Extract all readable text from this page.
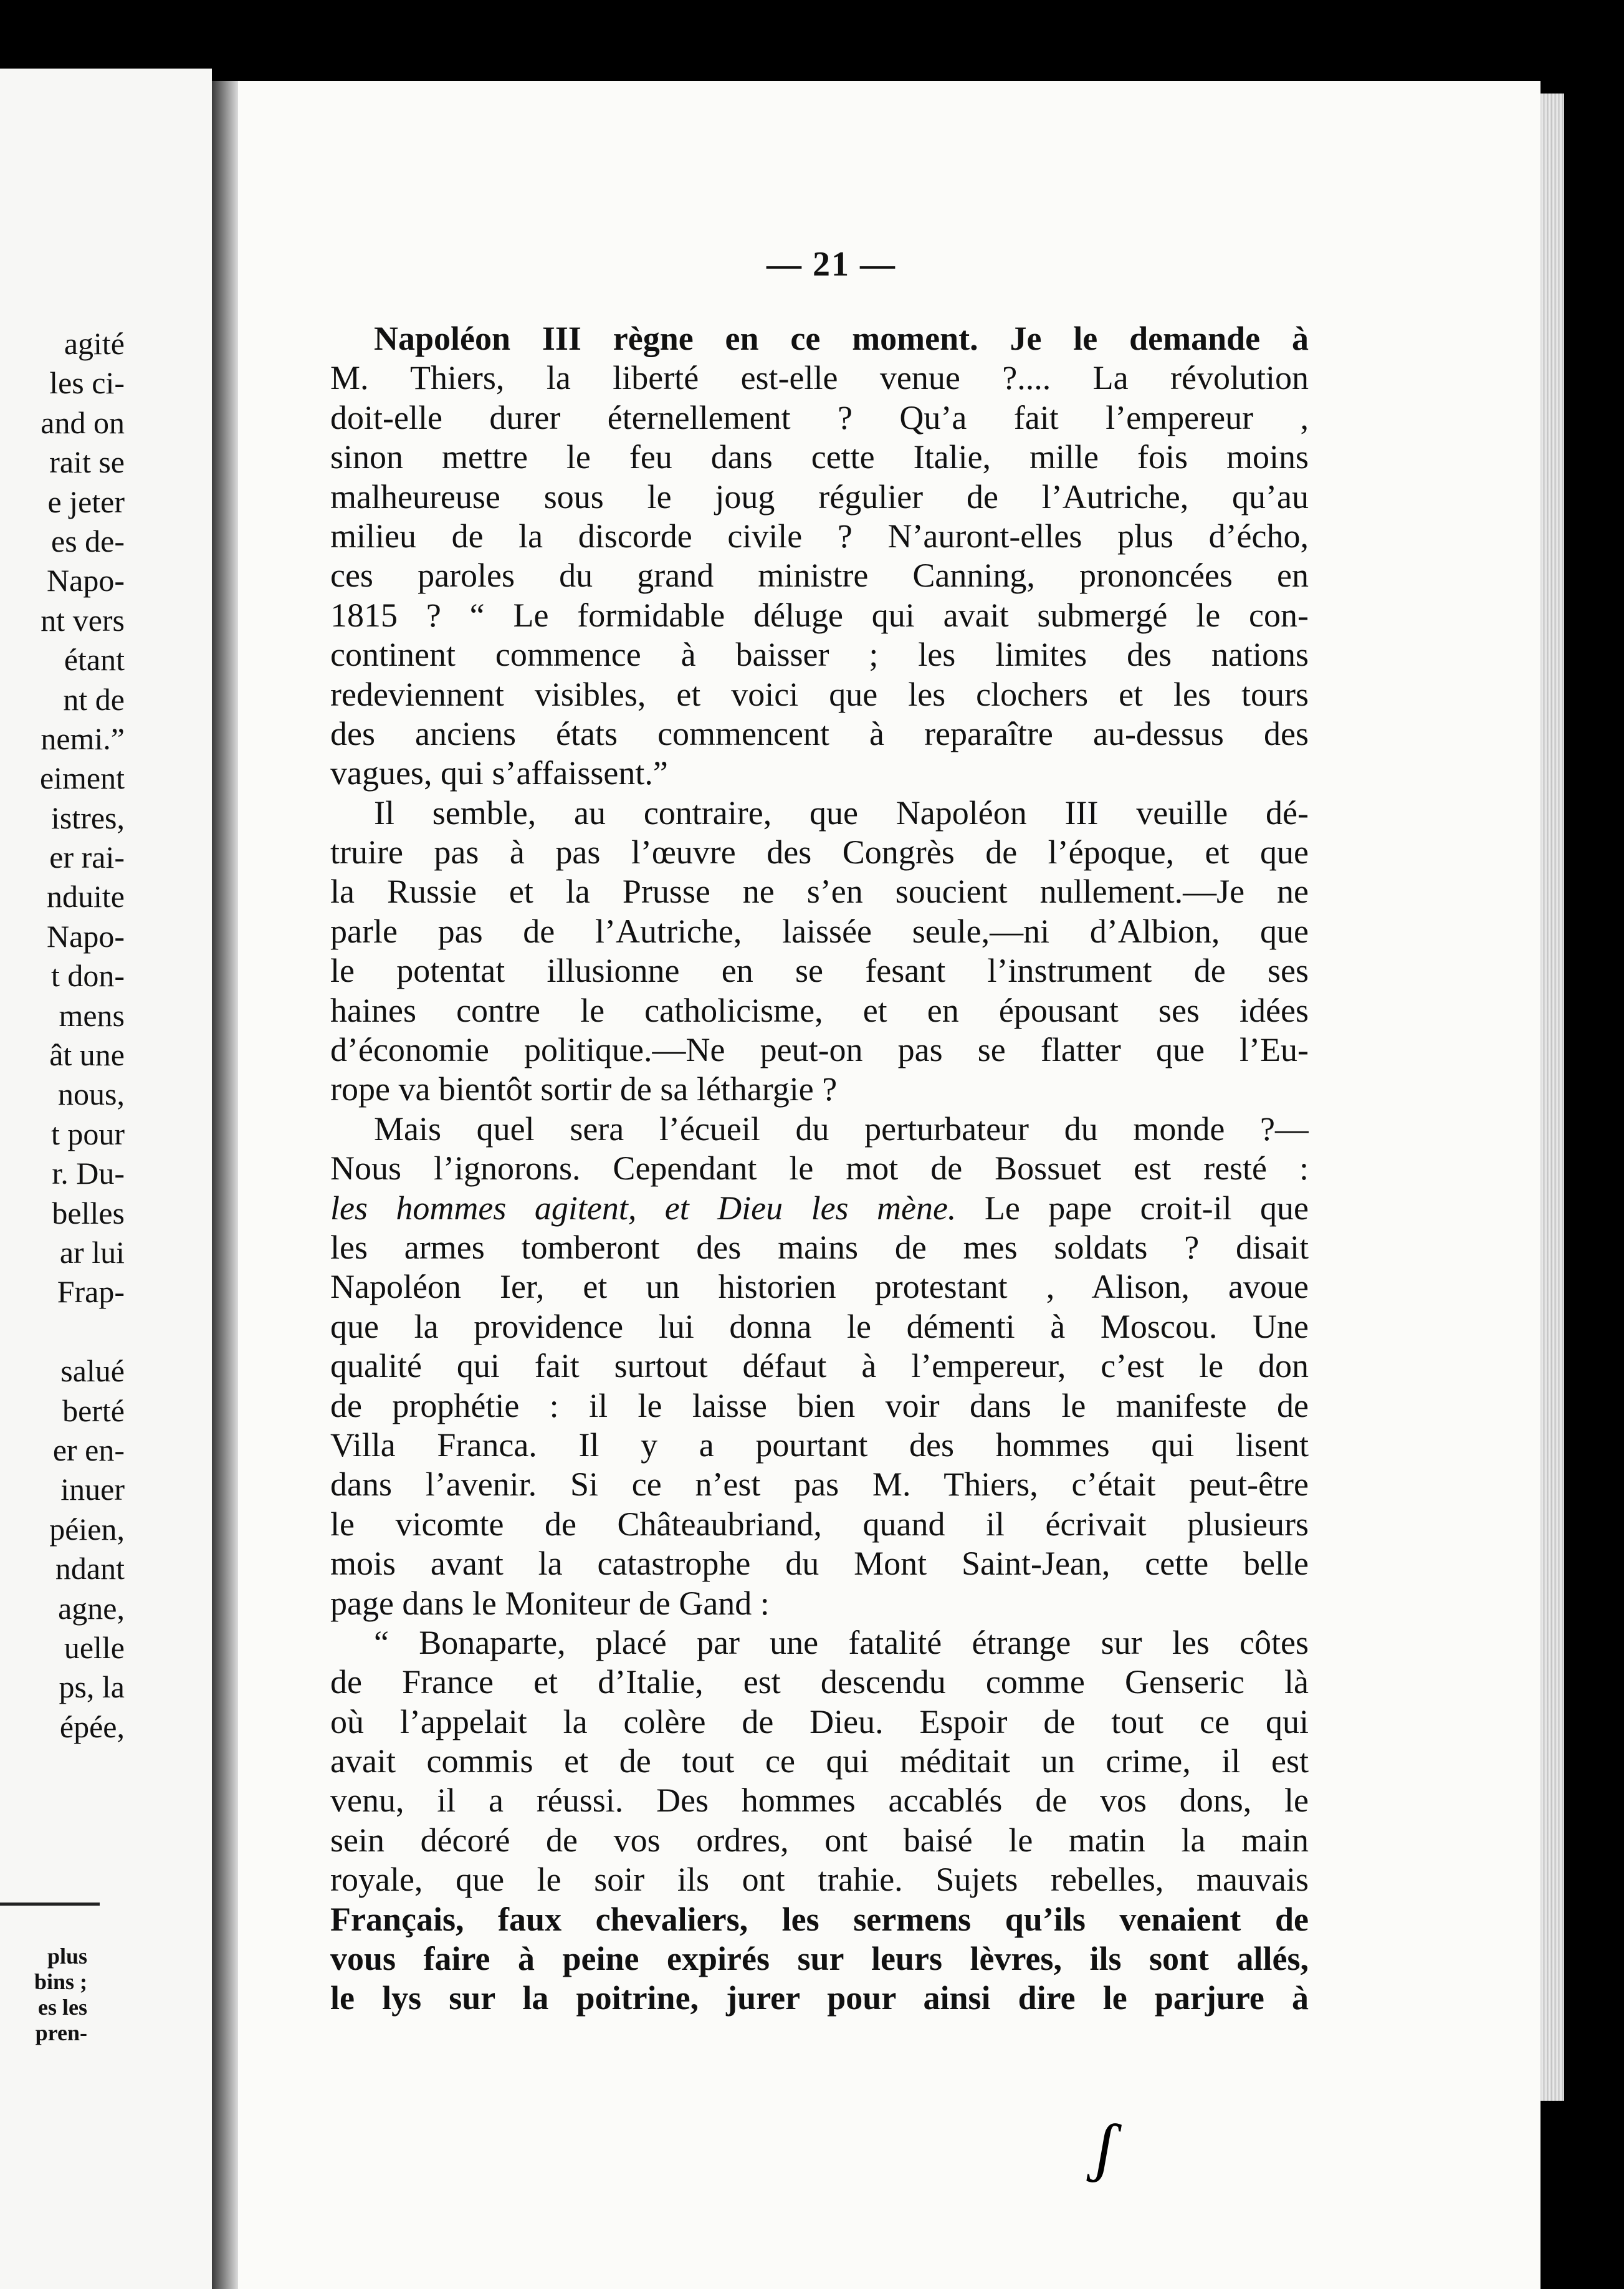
agité
les ci-
and on
rait se
e jeter
es de-
Napo-
nt vers
étant
nt de
nemi.”
eiment
istres,
er rai-
nduite
Napo-
t don-
mens
ât une
nous,
t pour
r. Du-
belles
ar lui
Frap-
salué
berté
er en-
inuer
péien,
ndant
agne,
uelle
ps, la
épée,
plus
bins ;
es les
pren-
— 21 —
Napoléon III règne en ce moment. Je le demande à
M. Thiers, la liberté est-elle venue ?.... La révolution
doit-elle durer éternellement ? Qu’a fait l’empereur ,
sinon mettre le feu dans cette Italie, mille fois moins
malheureuse sous le joug régulier de l’Autriche, qu’au
milieu de la discorde civile ? N’auront-elles plus d’écho,
ces paroles du grand ministre Canning, prononcées en
1815 ? “ Le formidable déluge qui avait submergé le con-
continent commence à baisser ; les limites des nations
redeviennent visibles, et voici que les clochers et les tours
des anciens états commencent à reparaître au-dessus des
vagues, qui s’affaissent.”
Il semble, au contraire, que Napoléon III veuille dé-
truire pas à pas l’œuvre des Congrès de l’époque, et que
la Russie et la Prusse ne s’en soucient nullement.—Je ne
parle pas de l’Autriche, laissée seule,—ni d’Albion, que
le potentat illusionne en se fesant l’instrument de ses
haines contre le catholicisme, et en épousant ses idées
d’économie politique.—Ne peut-on pas se flatter que l’Eu-
rope va bientôt sortir de sa léthargie ?
Mais quel sera l’écueil du perturbateur du monde ?—
Nous l’ignorons. Cependant le mot de Bossuet est resté :
les hommes agitent, et Dieu les mène. Le pape croit-il que
les armes tomberont des mains de mes soldats ? disait
Napoléon Ier, et un historien protestant , Alison, avoue
que la providence lui donna le démenti à Moscou. Une
qualité qui fait surtout défaut à l’empereur, c’est le don
de prophétie : il le laisse bien voir dans le manifeste de
Villa Franca. Il y a pourtant des hommes qui lisent
dans l’avenir. Si ce n’est pas M. Thiers, c’était peut-être
le vicomte de Châteaubriand, quand il écrivait plusieurs
mois avant la catastrophe du Mont Saint-Jean, cette belle
page dans le Moniteur de Gand :
“ Bonaparte, placé par une fatalité étrange sur les côtes
de France et d’Italie, est descendu comme Genseric là
où l’appelait la colère de Dieu. Espoir de tout ce qui
avait commis et de tout ce qui méditait un crime, il est
venu, il a réussi. Des hommes accablés de vos dons, le
sein décoré de vos ordres, ont baisé le matin la main
royale, que le soir ils ont trahie. Sujets rebelles, mauvais
Français, faux chevaliers, les sermens qu’ils venaient de
vous faire à peine expirés sur leurs lèvres, ils sont allés,
le lys sur la poitrine, jurer pour ainsi dire le parjure à
ʃ
